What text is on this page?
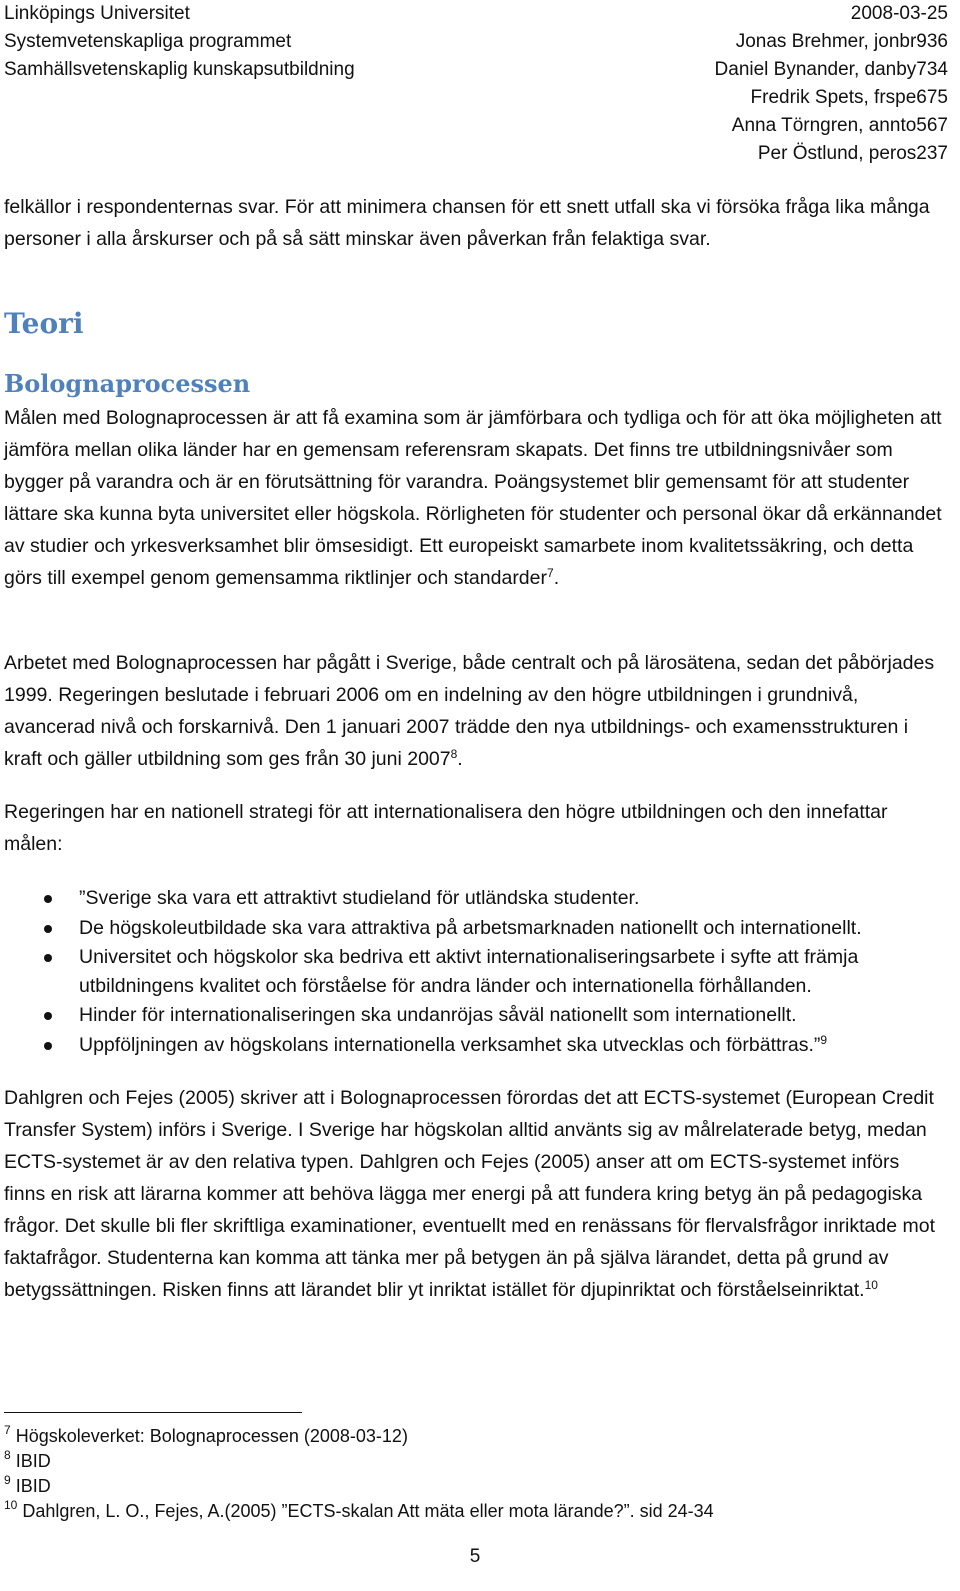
Linköpings Universitet
Systemvetenskapliga programmet
Samhällsvetenskaplig kunskapsutbildning
2008-03-25
Jonas Brehmer, jonbr936
Daniel Bynander, danby734
Fredrik Spets, frspe675
Anna Törngren, annto567
Per Östlund, peros237
felkällor i respondenternas svar. För att minimera chansen för ett snett utfall ska vi försöka fråga lika många personer i alla årskurser och på så sätt minskar även påverkan från felaktiga svar.
Teori
Bolognaprocessen
Målen med Bolognaprocessen är att få examina som är jämförbara och tydliga och för att öka möjligheten att jämföra mellan olika länder har en gemensam referensram skapats. Det finns tre utbildningsnivåer som bygger på varandra och är en förutsättning för varandra. Poängsystemet blir gemensamt för att studenter lättare ska kunna byta universitet eller högskola. Rörligheten för studenter och personal ökar då erkännandet av studier och yrkesverksamhet blir ömsesidigt. Ett europeiskt samarbete inom kvalitetssäkring, och detta görs till exempel genom gemensamma riktlinjer och standarder$^7$.
Arbetet med Bolognaprocessen har pågått i Sverige, både centralt och på lärosätena, sedan det påbörjades 1999. Regeringen beslutade i februari 2006 om en indelning av den högre utbildningen i grundnivå, avancerad nivå och forskarnivå. Den 1 januari 2007 trädde den nya utbildnings- och examensstrukturen i kraft och gäller utbildning som ges från 30 juni 2007$^8$.
Regeringen har en nationell strategi för att internationalisera den högre utbildningen och den innefattar målen:
”Sverige ska vara ett attraktivt studieland för utländska studenter.
De högskoleutbildade ska vara attraktiva på arbetsmarknaden nationellt och internationellt.
Universitet och högskolor ska bedriva ett aktivt internationaliseringsarbete i syfte att främja utbildningens kvalitet och förståelse för andra länder och internationella förhållanden.
Hinder för internationaliseringen ska undanröjas såväl nationellt som internationellt.
Uppföljningen av högskolans internationella verksamhet ska utvecklas och förbättras.”$^9$
Dahlgren och Fejes (2005) skriver att i Bolognaprocessen förordas det att ECTS-systemet (European Credit Transfer System) införs i Sverige. I Sverige har högskolan alltid använts sig av målrelaterade betyg, medan ECTS-systemet är av den relativa typen. Dahlgren och Fejes (2005) anser att om ECTS-systemet införs finns en risk att lärarna kommer att behöva lägga mer energi på att fundera kring betyg än på pedagogiska frågor. Det skulle bli fler skriftliga examinationer, eventuellt med en renässans för flervalsfrågor inriktade mot faktafrågor. Studenterna kan komma att tänka mer på betygen än på själva lärandet, detta på grund av betygssättningen. Risken finns att lärandet blir yt inriktat istället för djupinriktat och förståelseinriktat.$^{10}$
$^7$ Högskoleverket: Bolognaprocessen (2008-03-12)
$^8$ IBID
$^9$ IBID
$^{10}$ Dahlgren, L. O., Fejes, A.(2005) ”ECTS-skalan Att mäta eller mota lärande?”. sid 24-34
5
